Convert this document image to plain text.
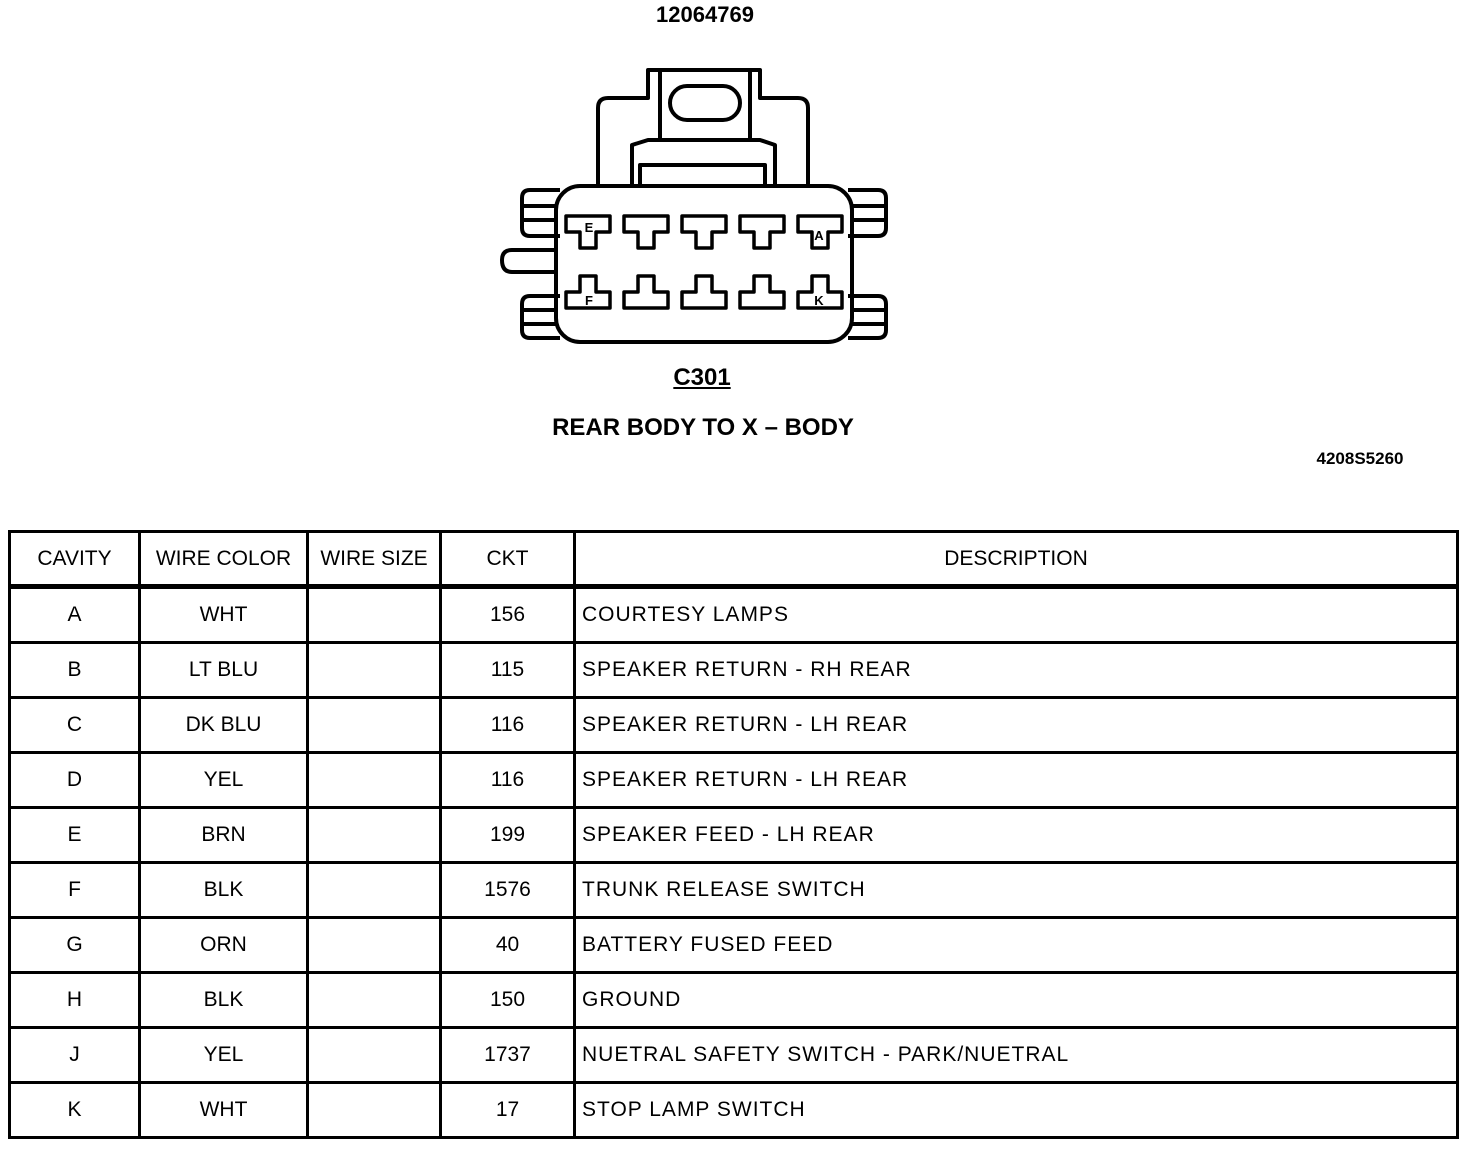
12064769
E
A
F	K
C301
REAR BODY TO X – BODY
4208S5260
CAVITY	WIRE COLOR	WIRE SIZE	CKT	DESCRIPTION
A	WHT		156	COURTESY LAMPS
B	LT BLU		115	SPEAKER RETURN - RH REAR
C	DK BLU		116	SPEAKER RETURN - LH REAR
D	YEL		116	SPEAKER RETURN - LH REAR
E	BRN		199	SPEAKER FEED - LH REAR
F	BLK		1576	TRUNK RELEASE SWITCH
G	ORN		40	BATTERY FUSED FEED
H	BLK		150	GROUND
J	YEL		1737	NUETRAL SAFETY SWITCH - PARK/NUETRAL
K	WHT		17	STOP LAMP SWITCH
